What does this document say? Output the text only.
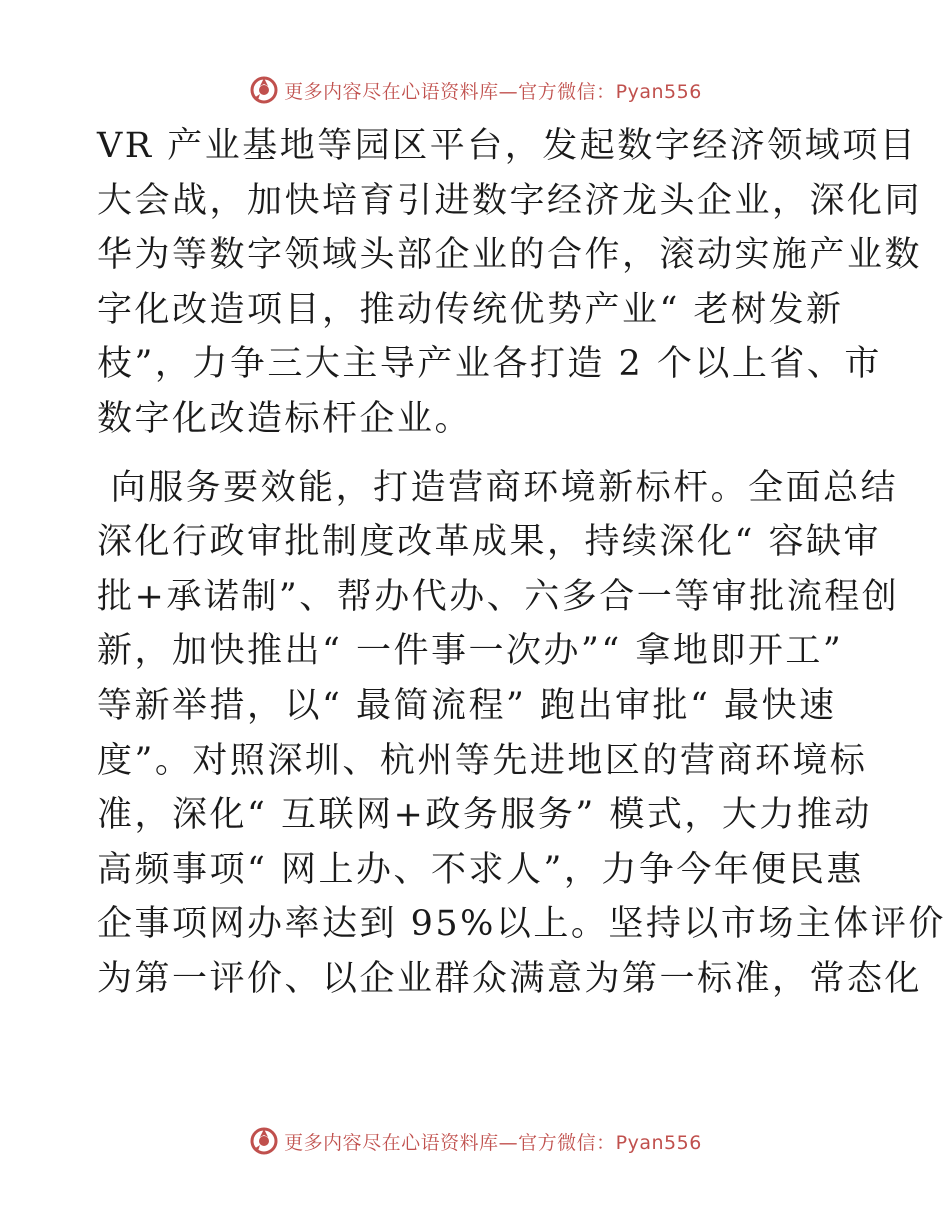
更多内容尽在心语资料库—官方微信：Pyan556
VR 产业基地等园区平台，发起数字经济领域项目
大会战，加快培育引进数字经济龙头企业，深化同
华为等数字领域头部企业的合作，滚动实施产业数
字化改造项目，推动传统优势产业“ 老树发新
枝”，力争三大主导产业各打造 2 个以上省、市
数字化改造标杆企业。
向服务要效能，打造营商环境新标杆。全面总结
深化行政审批制度改革成果，持续深化“ 容缺审
批+承诺制”、帮办代办、六多合一等审批流程创
新，加快推出“ 一件事一次办”“ 拿地即开工”
等新举措，以“ 最简流程” 跑出审批“ 最快速
度”。对照深圳、杭州等先进地区的营商环境标
准，深化“ 互联网+政务服务” 模式，大力推动
高频事项“ 网上办、不求人”，力争今年便民惠
企事项网办率达到 95%以上。坚持以市场主体评价
为第一评价、以企业群众满意为第一标准，常态化
更多内容尽在心语资料库—官方微信：Pyan556
